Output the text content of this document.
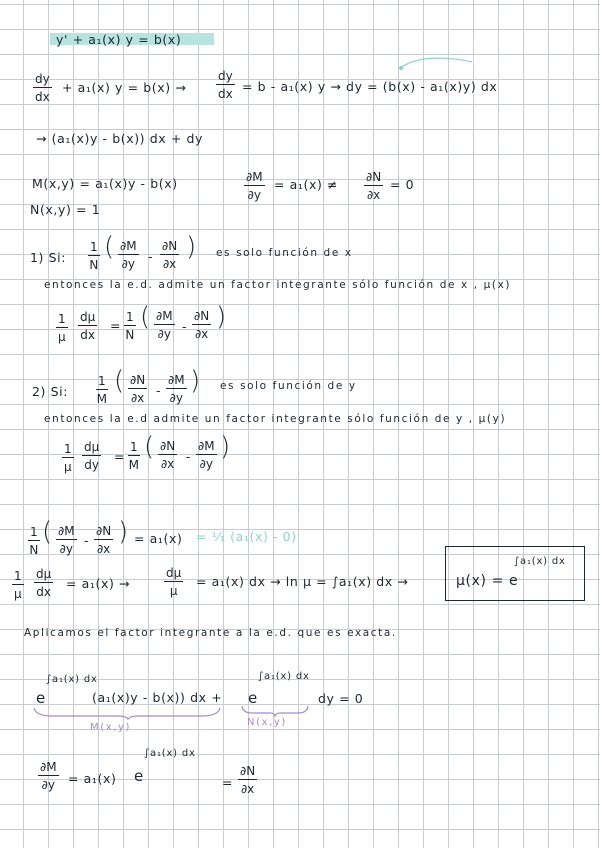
y' + a₁(x) y = b(x)
$\frac{dy}{dx} + a_1(x) y = b(x) \to \frac{dy}{dx} = b - a_1(x) y$ → dy = (b(x) - a₁(x)y) dx
→ (a₁(x)y - b(x)) dx + dy
M(x,y) = a₁(x)y - b(x)	$\frac{\partial M}{\partial y} = a_1(x) \ne \frac{\partial N}{\partial x} = 0$
N(x,y) = 1
1) Si: $\frac{1}{N}$ ( $\frac{\partial M}{\partial y} - \frac{\partial N}{\partial x}$ ) es solo función de x
entonces la e.d. admite un factor integrante sólo función de x , μ(x)
$\frac{1}{\mu} \frac{d\mu}{dx} = \frac{1}{N}$ ( $\frac{\partial M}{\partial y} - \frac{\partial N}{\partial x}$ )
2) Si: $\frac{1}{M}$ ( $\frac{\partial N}{\partial x} - \frac{\partial M}{\partial y}$ ) es solo función de y
entonces la e.d admite un factor integrante sólo función de y , μ(y)
$\frac{1}{\mu} \frac{d\mu}{dy} = \frac{1}{M}$ ( $\frac{\partial N}{\partial x} - \frac{\partial M}{\partial y}$ )
$\frac{1}{N}$ ( $\frac{\partial M}{\partial y} - \frac{\partial N}{\partial x}$ ) = a₁(x) = ¹⁄₁ (a₁(x) - 0)
$\frac{1}{\mu} \frac{d\mu}{dx} = a_1(x)$ →	$\frac{d\mu}{\mu} = a_1(x)$ dx → ln μ = ∫a₁(x) dx →	μ(x) = e
∫a₁(x) dx
Aplicamos el factor integrante a la e.d. que es exacta.
e
∫a₁(x) dx
(a₁(x)y - b(x)) dx + e
∫a₁(x) dx
dy = 0
M(x,y)	N(x,y)
$\frac{\partial M}{\partial y} = a_1(x)$ e
∫a₁(x) dx
= $\frac{\partial N}{\partial x}$
